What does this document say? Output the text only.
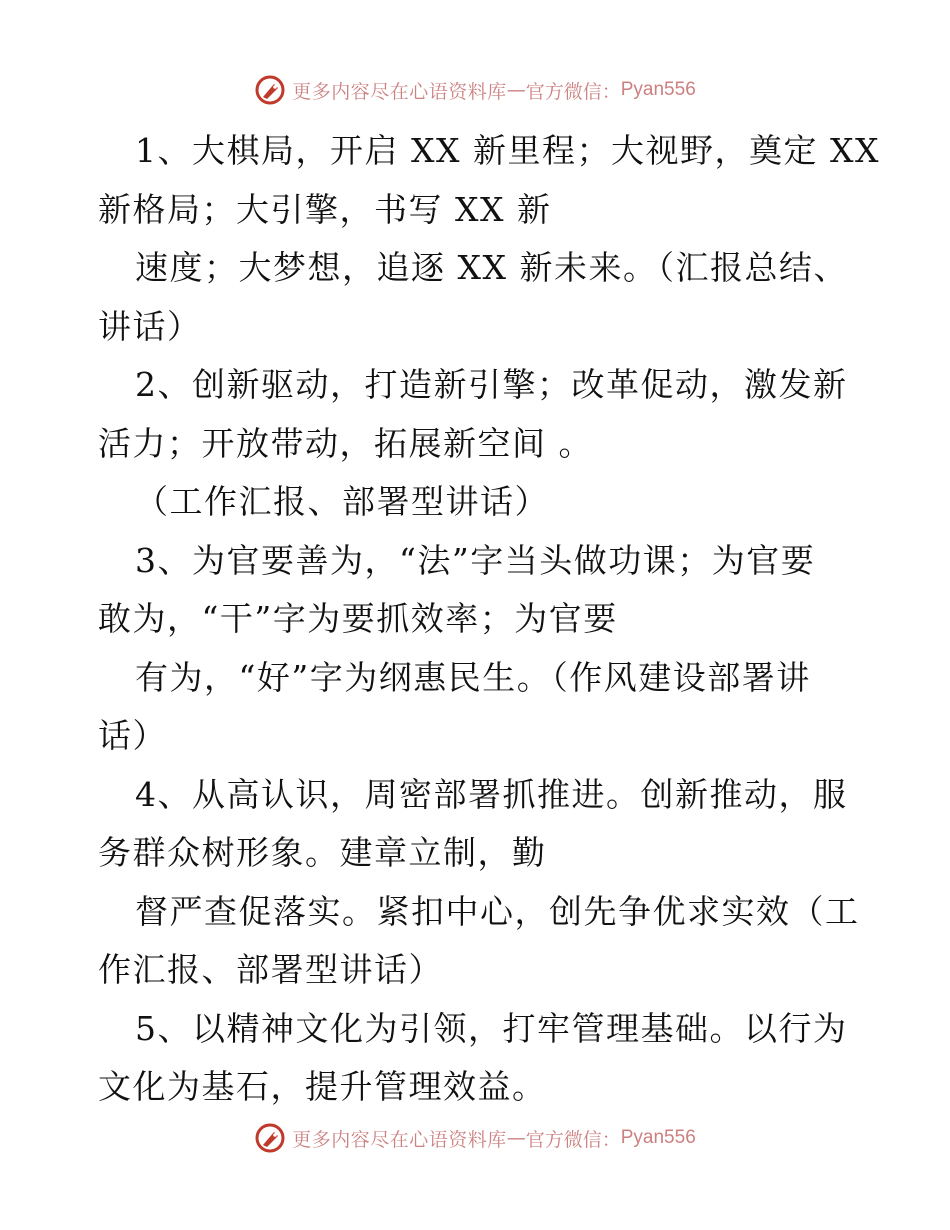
更多内容尽在心语资料库 — 官方微信： Pyan556
1、大棋局，开启 XX 新里程；大视野，奠定 XX
新格局；大引擎，书写 XX 新
速度；大梦想，追逐 XX 新未来。（汇报总结、
讲话）
2、创新驱动，打造新引擎；改革促动，激发新
活力；开放带动，拓展新空间 。
（工作汇报、部署型讲话）
3、为官要善为，“法”字当头做功课；为官要
敢为，“干”字为要抓效率；为官要
有为，“好”字为纲惠民生。（作风建设部署讲
话）
4、从高认识，周密部署抓推进。创新推动，服
务群众树形象。建章立制，勤
督严查促落实。紧扣中心，创先争优求实效（工
作汇报、部署型讲话）
5、以精神文化为引领，打牢管理基础。以行为
文化为基石，提升管理效益。
更多内容尽在心语资料库 — 官方微信： Pyan556
